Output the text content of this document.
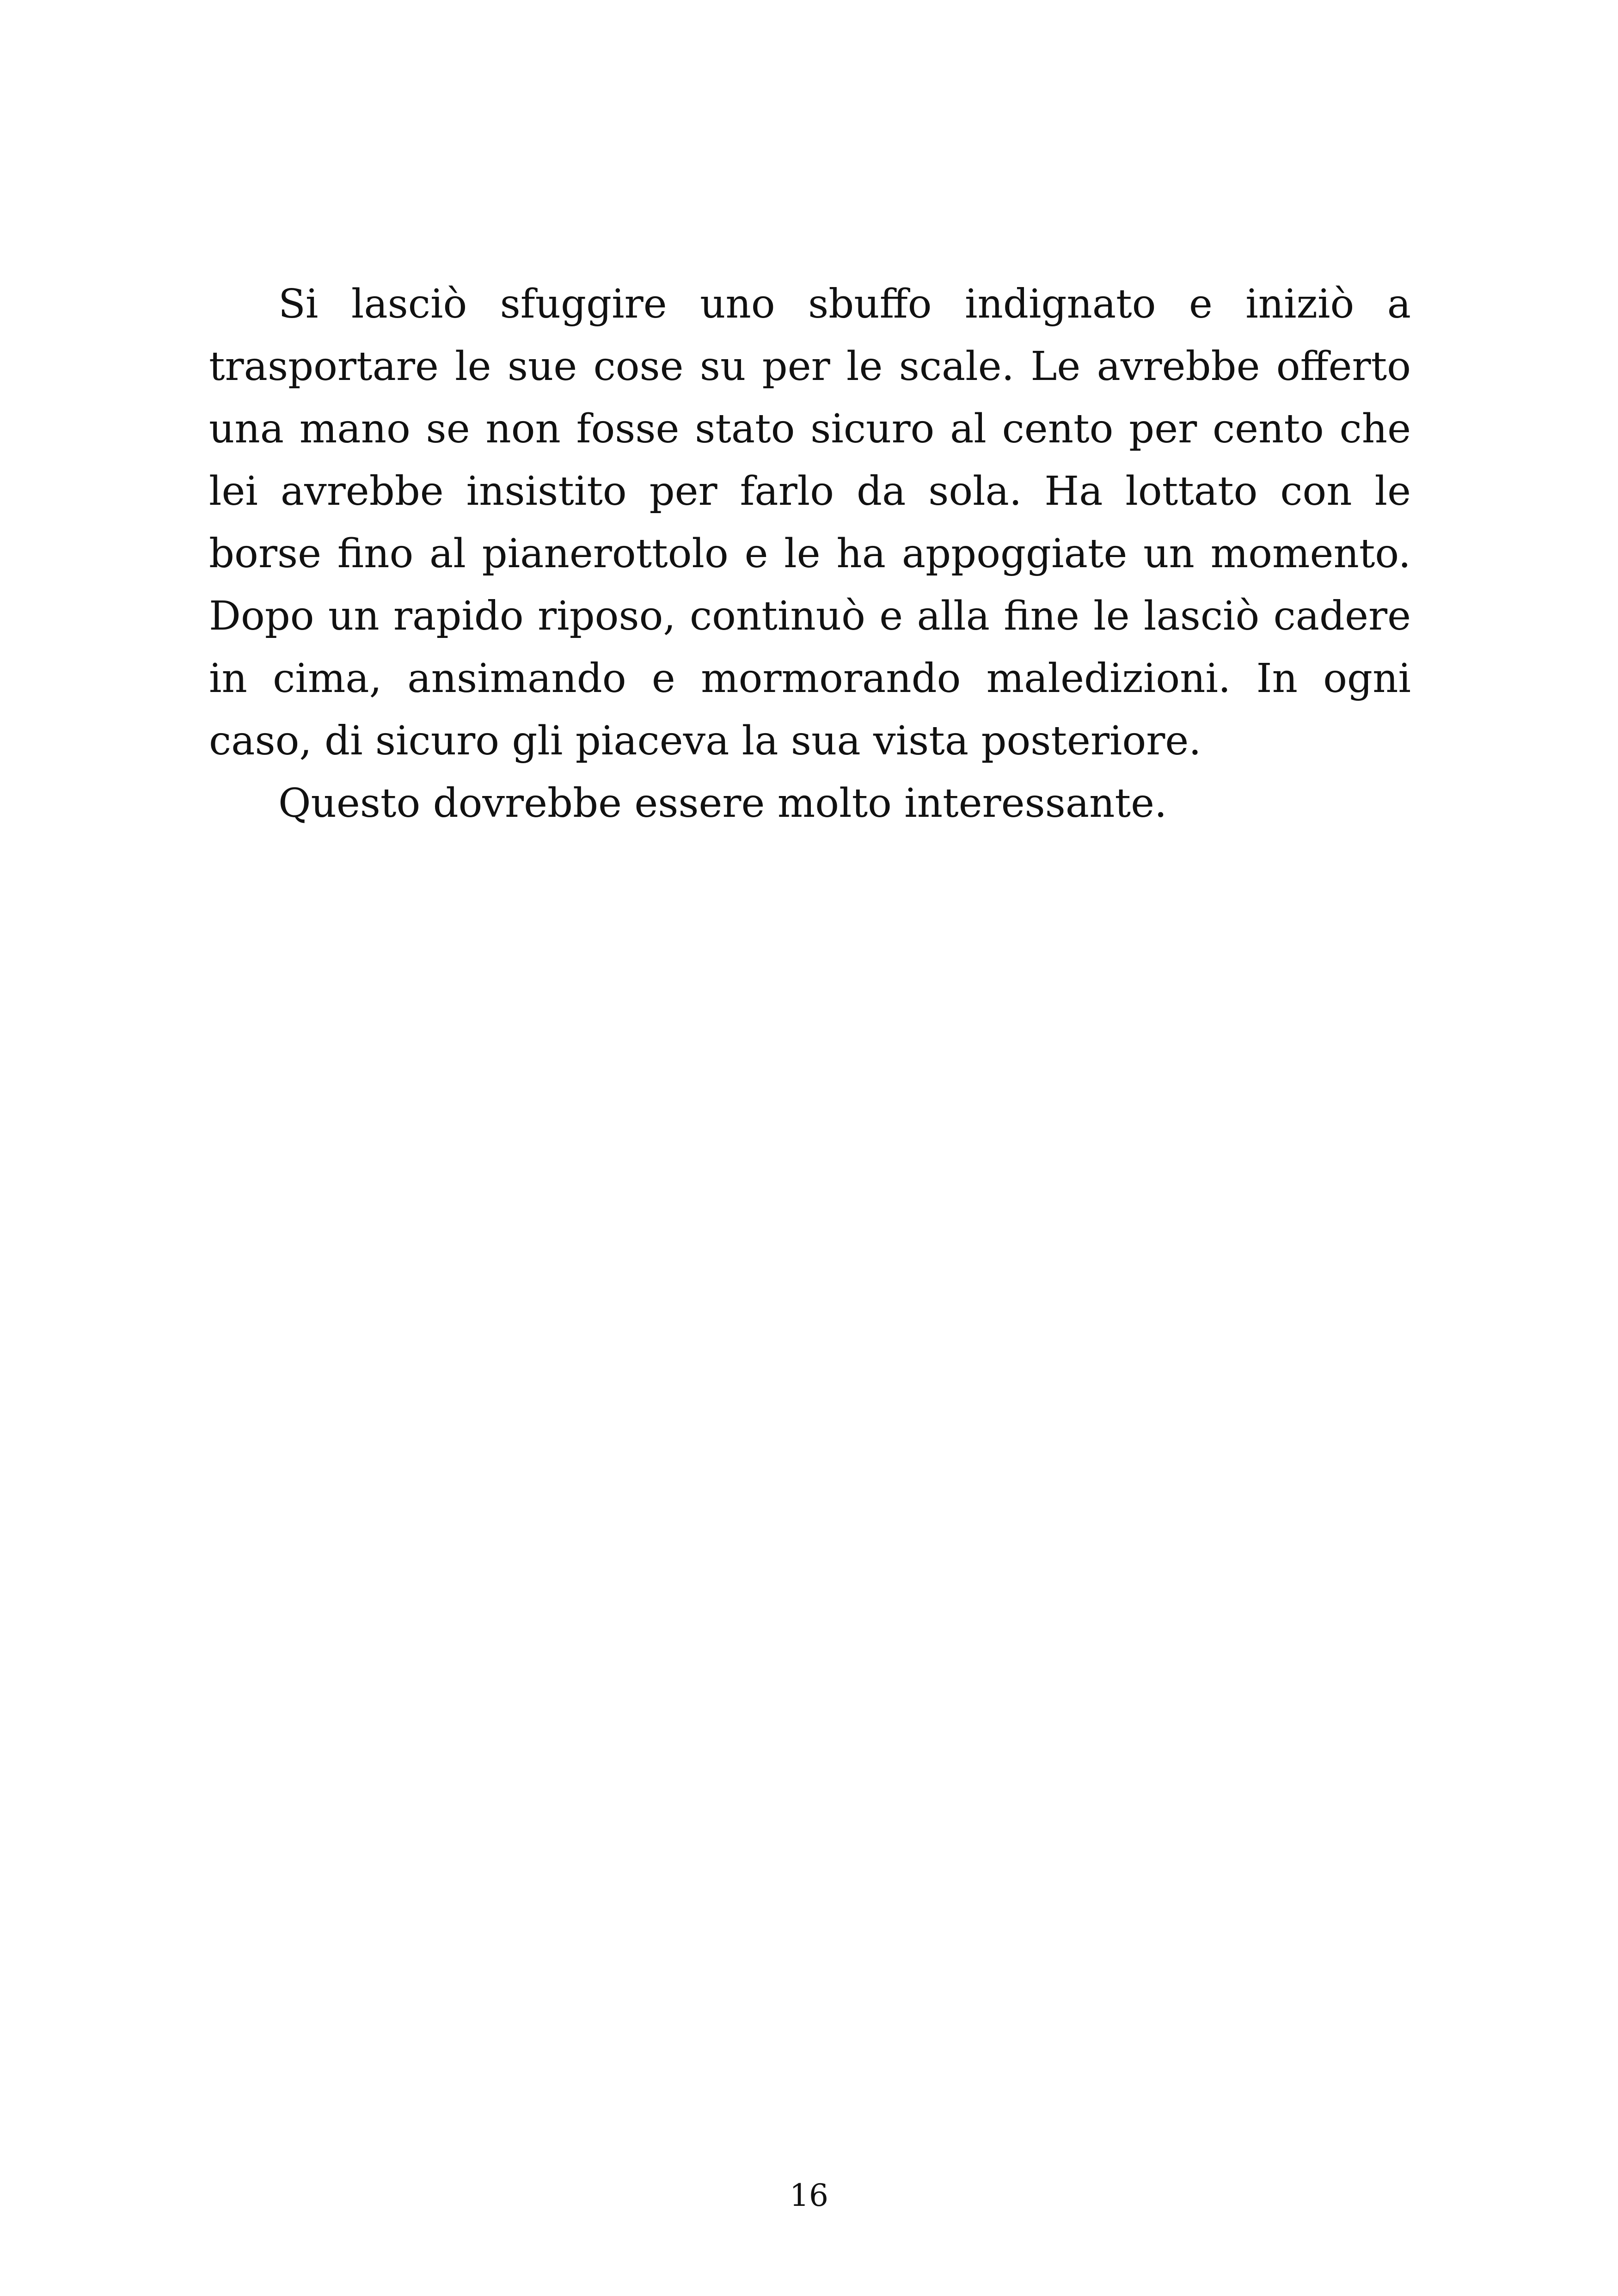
Si lasciò sfuggire uno sbuffo indignato e iniziò a trasportare le sue cose su per le scale. Le avrebbe offerto una mano se non fosse stato sicuro al cento per cento che lei avrebbe insistito per farlo da sola. Ha lottato con le borse fino al pianerottolo e le ha appoggiate un momento. Dopo un rapido riposo, continuò e alla fine le lasciò cadere in cima, ansimando e mormorando maledizioni. In ogni caso, di sicuro gli piaceva la sua vista posteriore.

Questo dovrebbe essere molto interessante.

16
